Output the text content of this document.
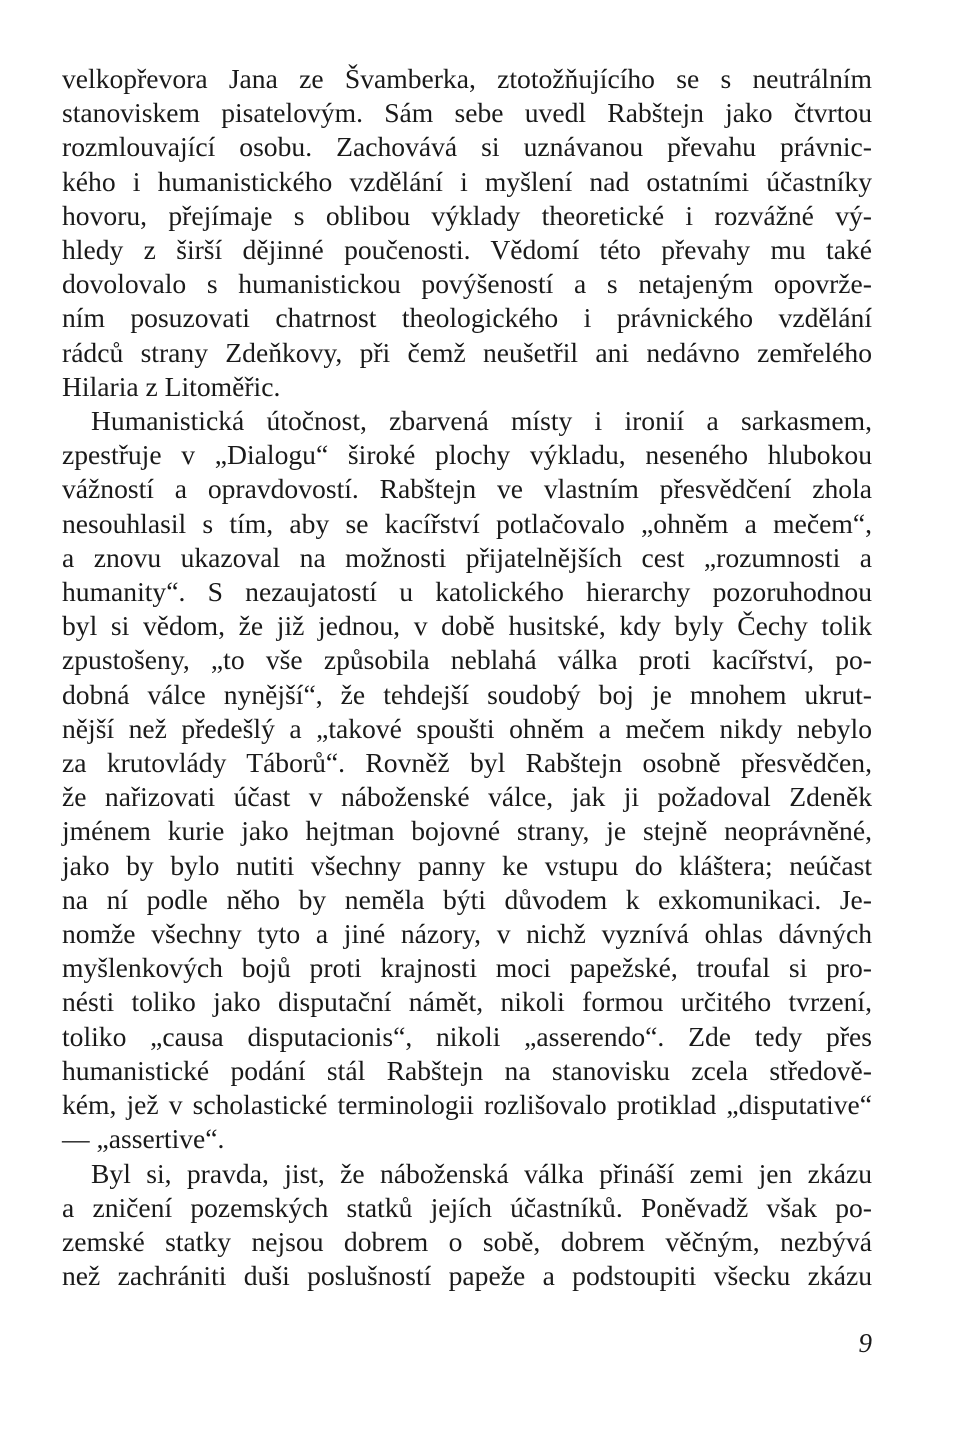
velkopřevora Jana ze Švamberka, ztotožňujícího se s neutrálním
stanoviskem pisatelovým. Sám sebe uvedl Rabštejn jako čtvrtou
rozmlouvající osobu. Zachovává si uznávanou převahu právnic-
kého i humanistického vzdělání i myšlení nad ostatními účastníky
hovoru, přejímaje s oblibou výklady theoretické i rozvážné vý-
hledy z širší dějinné poučenosti. Vědomí této převahy mu také
dovolovalo s humanistickou povýšeností a s netajeným opovrže-
ním posuzovati chatrnost theologického i právnického vzdělání
rádců strany Zdeňkovy, při čemž neušetřil ani nedávno zemřelého
Hilaria z Litoměřic.
Humanistická útočnost, zbarvená místy i ironií a sarkasmem,
zpestřuje v „Dialogu“ široké plochy výkladu, neseného hlubokou
vážností a opravdovostí. Rabštejn ve vlastním přesvědčení zhola
nesouhlasil s tím, aby se kacířství potlačovalo „ohněm a mečem“,
a znovu ukazoval na možnosti přijatelnějších cest „rozumnosti a
humanity“. S nezaujatostí u katolického hierarchy pozoruhodnou
byl si vědom, že již jednou, v době husitské, kdy byly Čechy tolik
zpustošeny, „to vše způsobila neblahá válka proti kacířství, po-
dobná válce nynější“, že tehdejší soudobý boj je mnohem ukrut-
nější než předešlý a „takové spoušti ohněm a mečem nikdy nebylo
za krutovlády Táborů“. Rovněž byl Rabštejn osobně přesvědčen,
že nařizovati účast v náboženské válce, jak ji požadoval Zdeněk
jménem kurie jako hejtman bojovné strany, je stejně neoprávněné,
jako by bylo nutiti všechny panny ke vstupu do kláštera; neúčast
na ní podle něho by neměla býti důvodem k exkomunikaci. Je-
nomže všechny tyto a jiné názory, v nichž vyznívá ohlas dávných
myšlenkových bojů proti krajnosti moci papežské, troufal si pro-
nésti toliko jako disputační námět, nikoli formou určitého tvrzení,
toliko „causa disputacionis“, nikoli „asserendo“. Zde tedy přes
humanistické podání stál Rabštejn na stanovisku zcela středově-
kém, jež v scholastické terminologii rozlišovalo protiklad „disputative“ — „assertive“.
Byl si, pravda, jist, že náboženská válka přináší zemi jen zkázu
a zničení pozemských statků jejích účastníků. Poněvadž však po-
zemské statky nejsou dobrem o sobě, dobrem věčným, nezbývá
než zachrániti duši poslušností papeže a podstoupiti všecku zkázu
9
